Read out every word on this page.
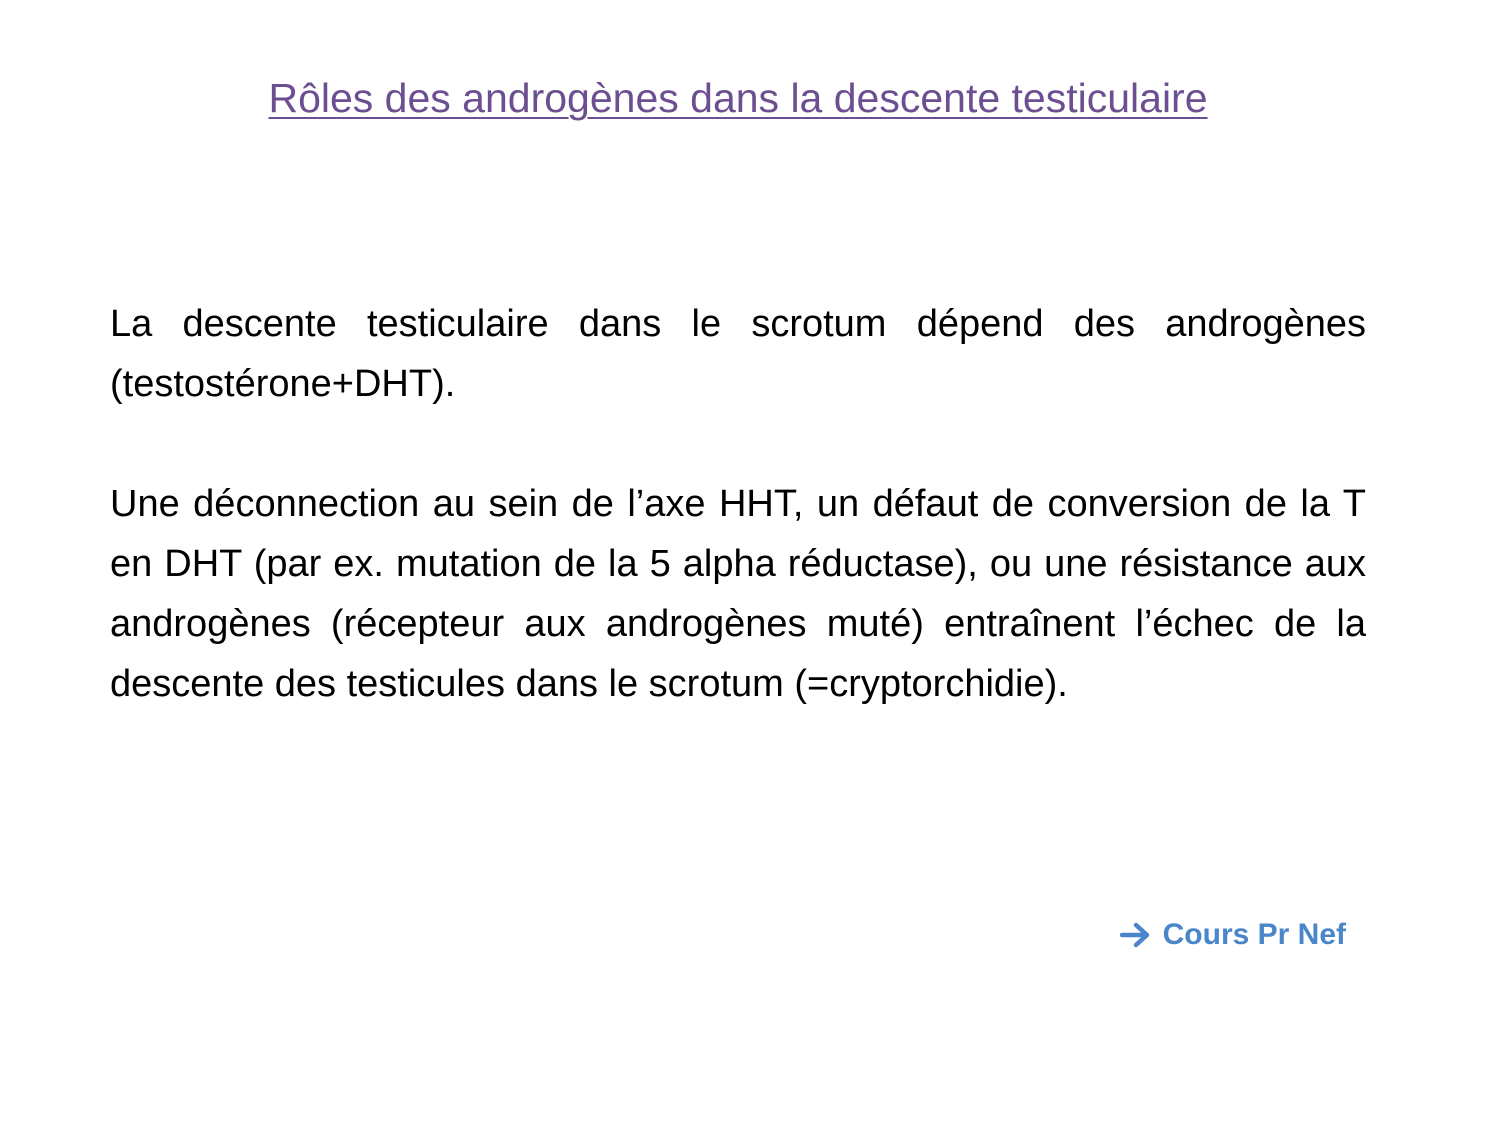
Rôles des androgènes dans la descente testiculaire

La descente testiculaire dans le scrotum dépend des androgènes (testostérone+DHT).

Une déconnection au sein de l’axe HHT, un défaut de conversion de la T en DHT (par ex. mutation de la 5 alpha réductase), ou une résistance aux androgènes (récepteur aux androgènes muté) entraînent l’échec de la descente des testicules dans le scrotum (=cryptorchidie).

Cours Pr Nef
